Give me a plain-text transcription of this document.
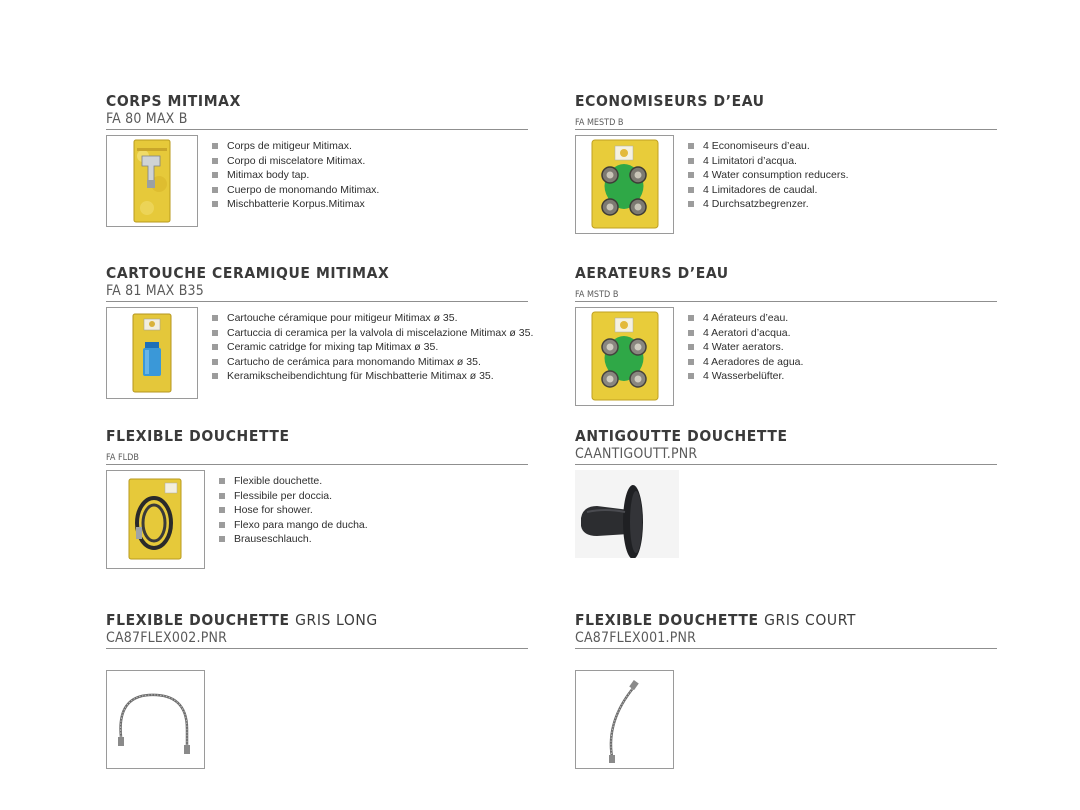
CORPS MITIMAX
FA 80 MAX B
Corps de mitigeur Mitimax.
Corpo di miscelatore Mitimax.
Mitimax body tap.
Cuerpo de monomando Mitimax.
Mischbatterie Korpus.Mitimax
ECONOMISEURS D’EAU
FA MESTD B
4 Economiseurs d’eau.
4 Limitatori d’acqua.
4 Water consumption reducers.
4 Limitadores de caudal.
4 Durchsatzbegrenzer.
CARTOUCHE CERAMIQUE MITIMAX
FA 81 MAX B35
Cartouche céramique pour mitigeur Mitimax ø 35.
Cartuccia di ceramica per la valvola di miscelazione Mitimax ø 35.
Ceramic catridge for mixing tap Mitimax ø 35.
Cartucho de cerámica para monomando Mitimax ø 35.
Keramikscheibendichtung für Mischbatterie Mitimax ø 35.
AERATEURS D’EAU
FA MSTD B
4 Aérateurs d’eau.
4 Aeratori d’acqua.
4 Water aerators.
4 Aeradores de agua.
4 Wasserbelüfter.
FLEXIBLE DOUCHETTE
FA FLDB
Flexible douchette.
Flessibile per doccia.
Hose for shower.
Flexo para mango de ducha.
Brauseschlauch.
ANTIGOUTTE DOUCHETTE
CAANTIGOUTT.PNR
FLEXIBLE DOUCHETTE GRIS LONG
CA87FLEX002.PNR
FLEXIBLE DOUCHETTE GRIS COURT
CA87FLEX001.PNR
